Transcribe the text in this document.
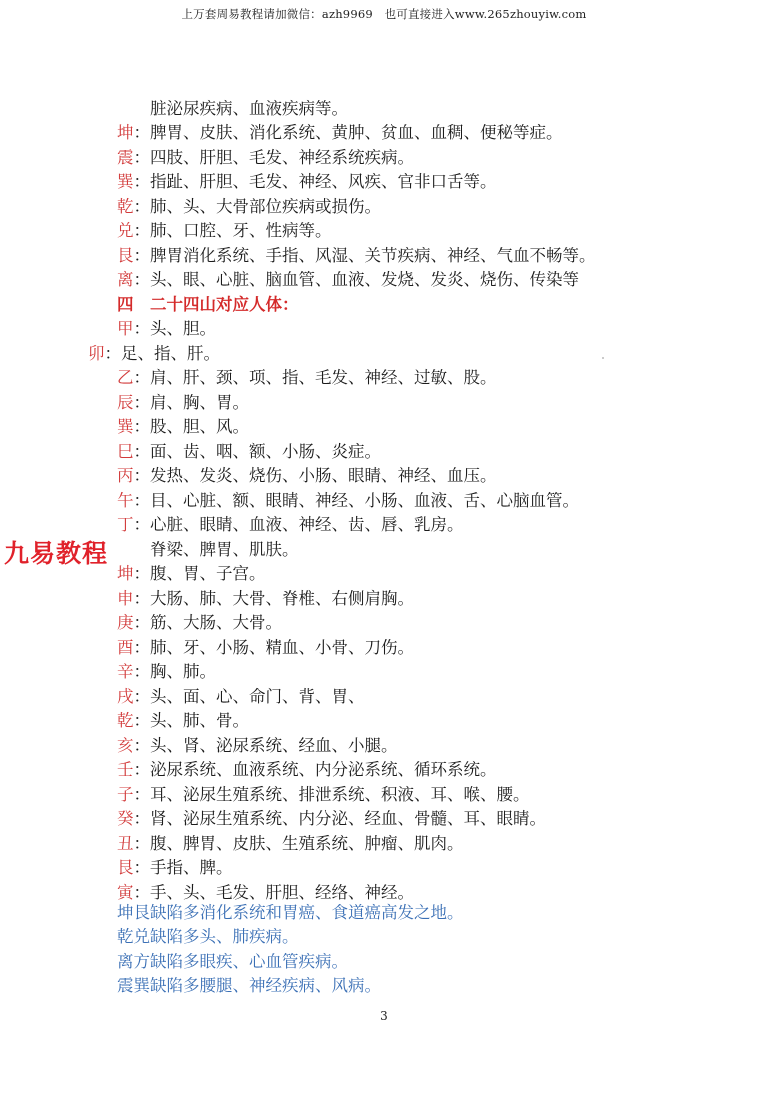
上万套周易教程请加微信：azh9969　也可直接进入www.265zhouyiw.com
脏泌尿疾病、血液疾病等。
坤：脾胃、皮肤、消化系统、黄肿、贫血、血稠、便秘等症。
震：四肢、肝胆、毛发、神经系统疾病。
巽：指趾、肝胆、毛发、神经、风疾、官非口舌等。
乾：肺、头、大骨部位疾病或损伤。
兑：肺、口腔、牙、性病等。
艮：脾胃消化系统、手指、风湿、关节疾病、神经、气血不畅等。
离：头、眼、心脏、脑血管、血液、发烧、发炎、烧伤、传染等
四　二十四山对应人体：
甲：头、胆。
卯：足、指、肝。
乙：肩、肝、颈、项、指、毛发、神经、过敏、股。
辰：肩、胸、胃。
巽：股、胆、风。
巳：面、齿、咽、额、小肠、炎症。
丙：发热、发炎、烧伤、小肠、眼睛、神经、血压。
午：目、心脏、额、眼睛、神经、小肠、血液、舌、心脑血管。
丁：心脏、眼睛、血液、神经、齿、唇、乳房。
脊梁、脾胃、肌肤。
坤：腹、胃、子宫。
申：大肠、肺、大骨、脊椎、右侧肩胸。
庚：筋、大肠、大骨。
酉：肺、牙、小肠、精血、小骨、刀伤。
辛：胸、肺。
戌：头、面、心、命门、背、胃、
乾：头、肺、骨。
亥：头、肾、泌尿系统、经血、小腿。
壬：泌尿系统、血液系统、内分泌系统、循环系统。
子：耳、泌尿生殖系统、排泄系统、积液、耳、喉、腰。
癸：肾、泌尿生殖系统、内分泌、经血、骨髓、耳、眼睛。
丑：腹、脾胃、皮肤、生殖系统、肿瘤、肌肉。
艮：手指、脾。
寅：手、头、毛发、肝胆、经络、神经。
坤艮缺陷多消化系统和胃癌、食道癌高发之地。
乾兑缺陷多头、肺疾病。
离方缺陷多眼疾、心血管疾病。
震巽缺陷多腰腿、神经疾病、风病。
九易教程
3
